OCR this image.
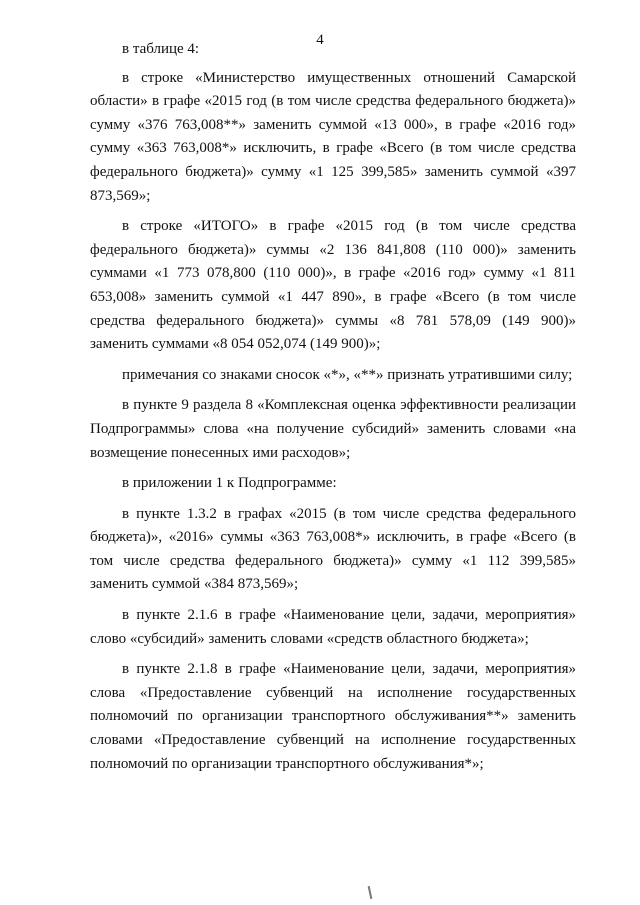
4

в таблице 4:

в строке «Министерство имущественных отношений Самарской области» в графе «2015 год (в том числе средства федерального бюджета)» сумму «376 763,008**» заменить суммой «13 000», в графе «2016 год» сумму «363 763,008*» исключить, в графе «Всего (в том числе средства федерального бюджета)» сумму «1 125 399,585» заменить суммой «397 873,569»;

в строке «ИТОГО» в графе «2015 год (в том числе средства федерального бюджета)» суммы «2 136 841,808 (110 000)» заменить суммами «1 773 078,800 (110 000)», в графе «2016 год» сумму «1 811 653,008» заменить суммой «1 447 890», в графе «Всего (в том числе средства федерального бюджета)» суммы «8 781 578,09 (149 900)» заменить суммами «8 054 052,074 (149 900)»;

примечания со знаками сносок «*», «**» признать утратившими силу;

в пункте 9 раздела 8 «Комплексная оценка эффективности реализации Подпрограммы» слова «на получение субсидий» заменить словами «на возмещение понесенных ими расходов»;

в приложении 1 к Подпрограмме:

в пункте 1.3.2 в графах «2015 (в том числе средства федерального бюджета)», «2016» суммы «363 763,008*» исключить, в графе «Всего (в том числе средства федерального бюджета)» сумму «1 112 399,585» заменить суммой «384 873,569»;

в пункте 2.1.6 в графе «Наименование цели, задачи, мероприятия» слово «субсидий» заменить словами «средств областного бюджета»;

в пункте 2.1.8 в графе «Наименование цели, задачи, мероприятия» слова «Предоставление субвенций на исполнение государственных полномочий по организации транспортного обслуживания**» заменить словами «Предоставление субвенций на исполнение государственных полномочий по организации транспортного обслуживания*»;
